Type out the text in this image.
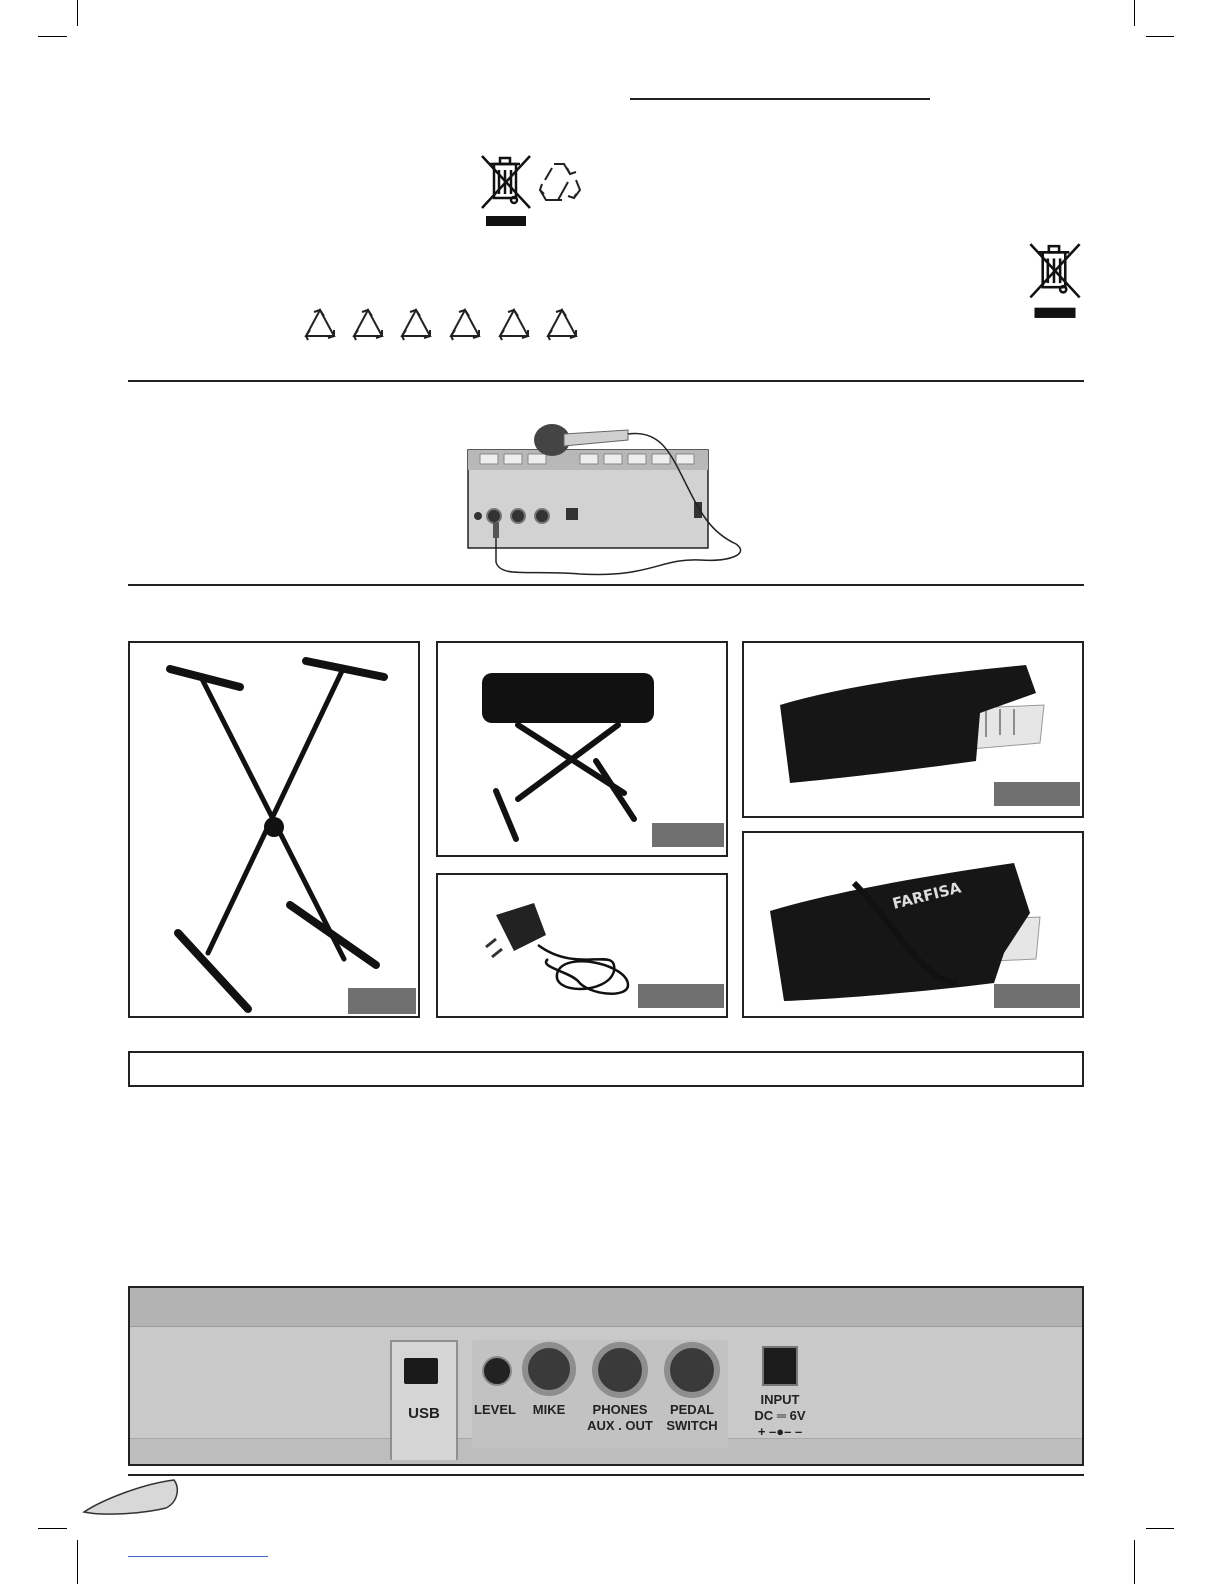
FARFISA
USB	LEVEL	MIKE	PHONES
AUX . OUT
PEDAL
SWITCH
INPUT
DC ═ 6V
+ –●– –
